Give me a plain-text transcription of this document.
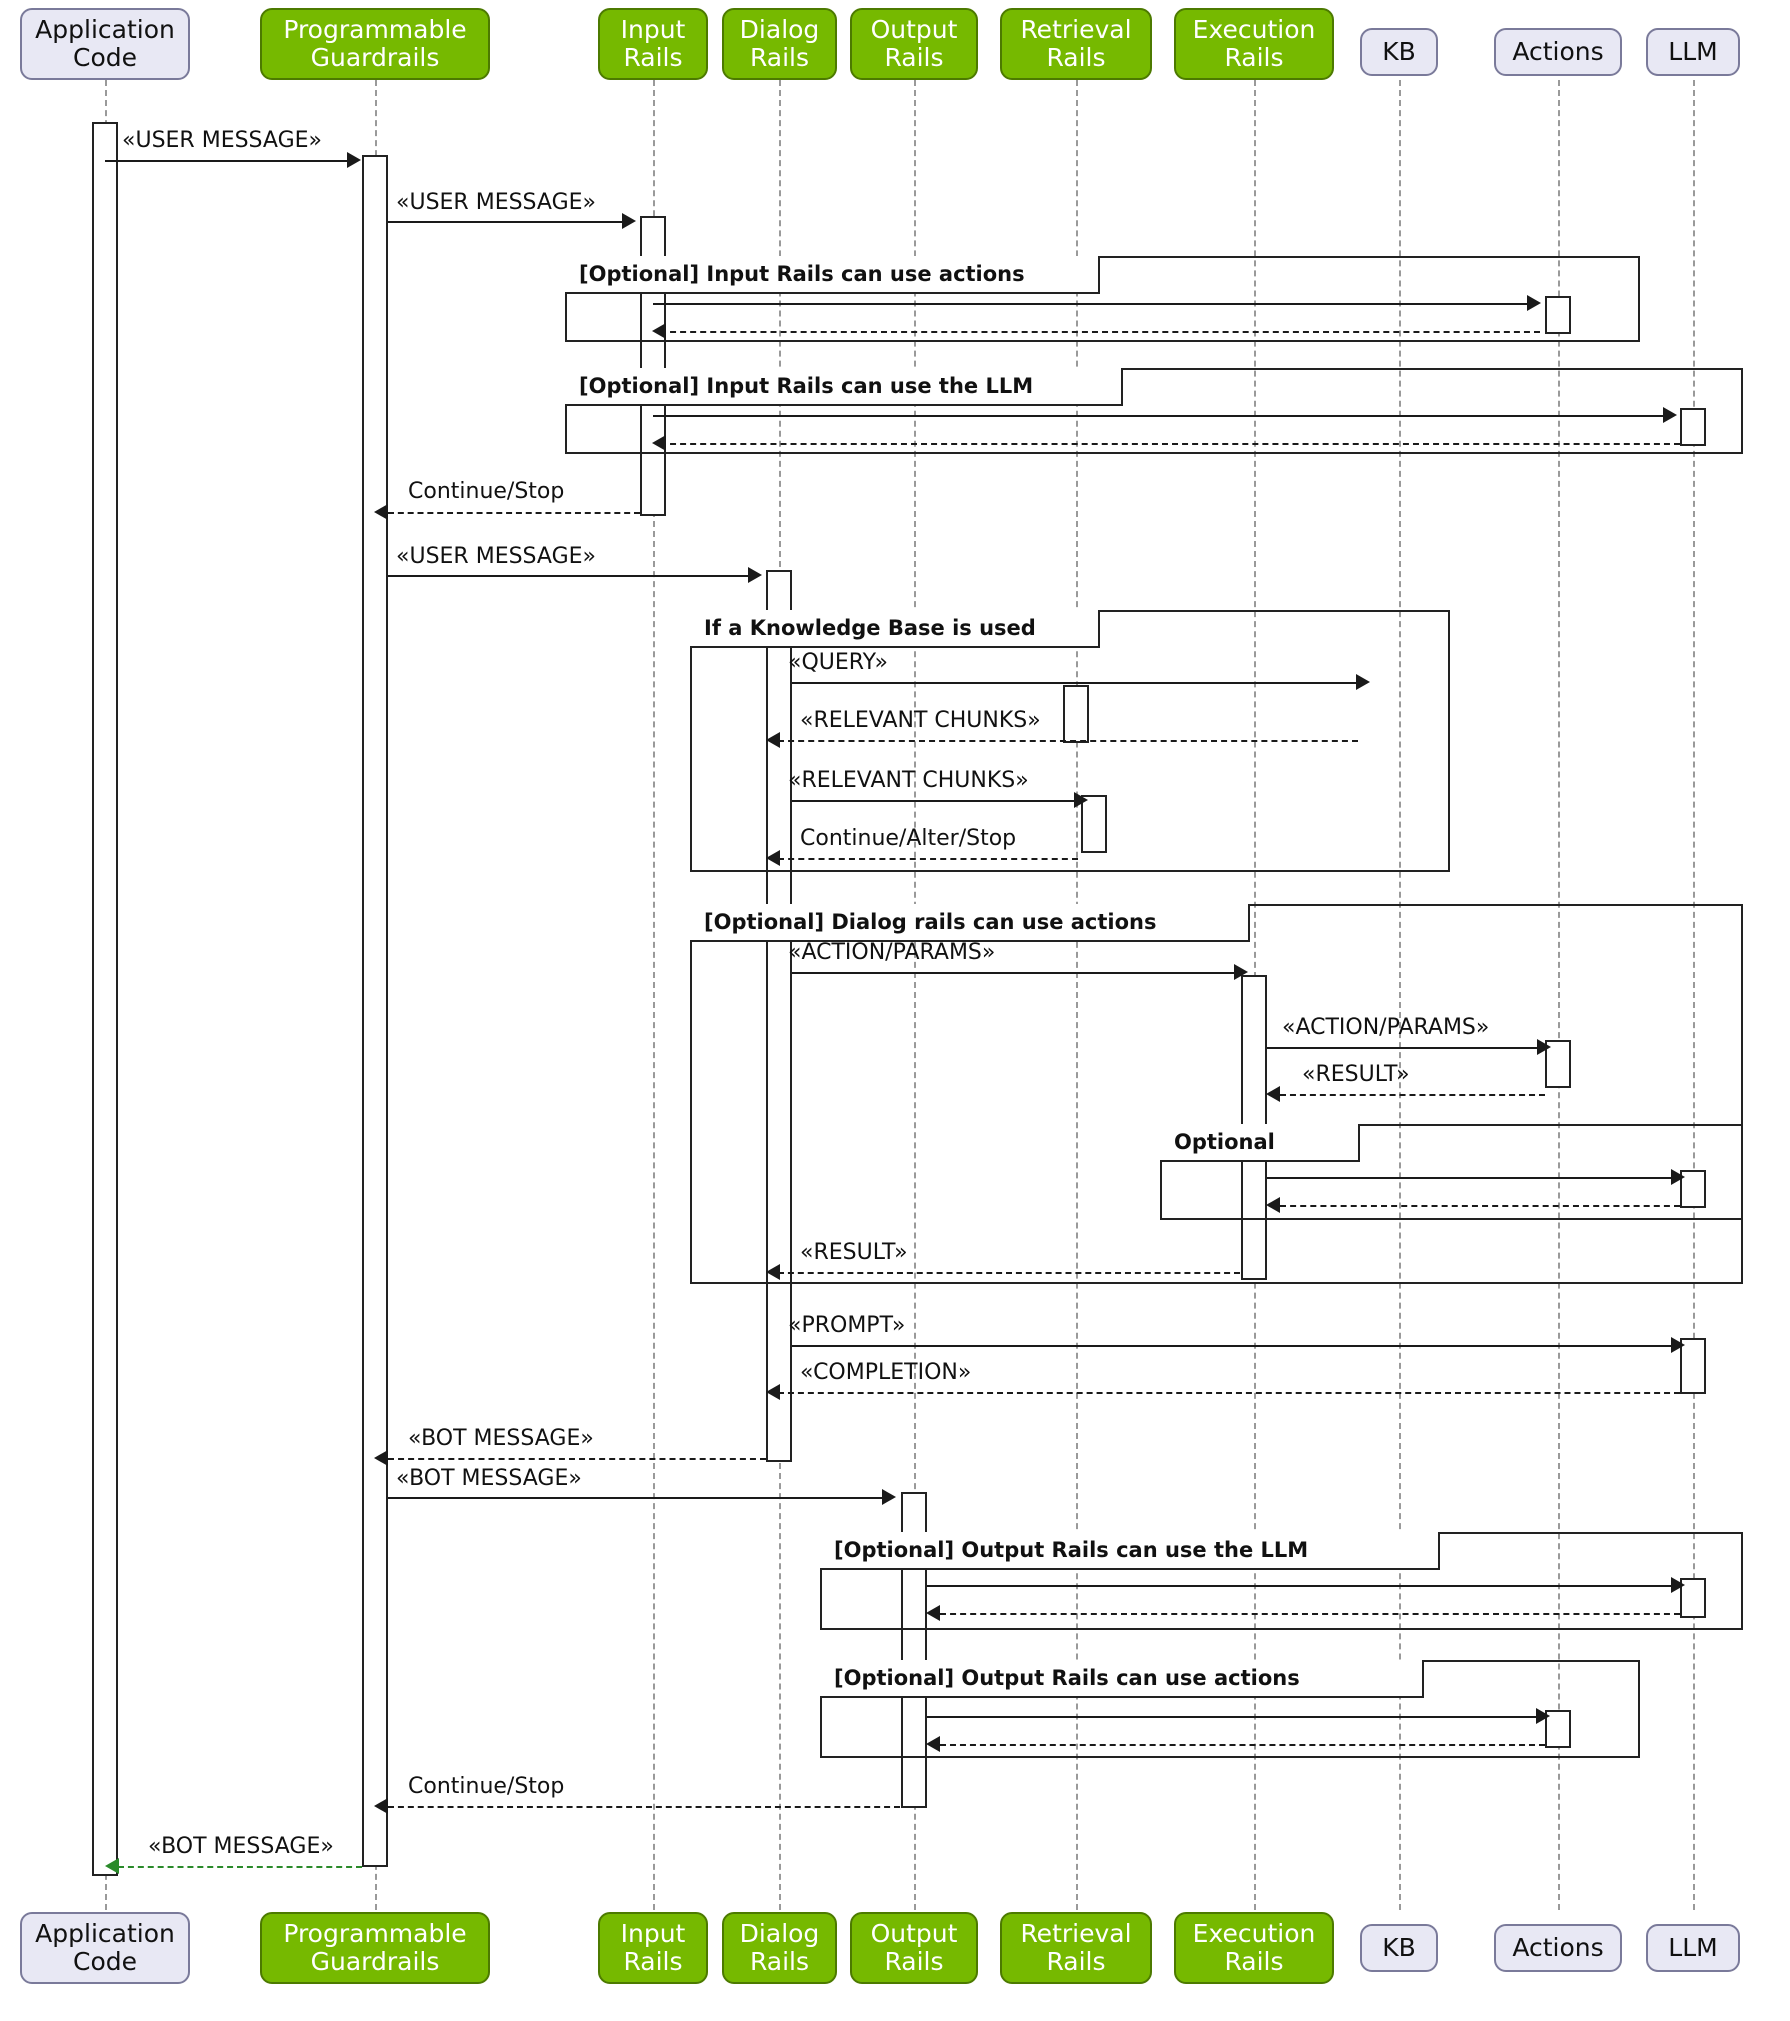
Application
Code
Programmable
Guardrails
Input
Rails
Dialog
Rails
Output
Rails
Retrieval
Rails
Execution
Rails	KB	Actions	LLM
[Optional] Input Rails can use actions
[Optional] Input Rails can use the LLM
If a Knowledge Base is used
[Optional] Dialog rails can use actions
Optional
[Optional] Output Rails can use the LLM
[Optional] Output Rails can use actions
«USER MESSAGE»
«USER MESSAGE»
Continue/Stop
«USER MESSAGE»
«QUERY»
«RELEVANT CHUNKS»
«RELEVANT CHUNKS»
Continue/Alter/Stop
«ACTION/PARAMS»
«ACTION/PARAMS»
«RESULT»
«RESULT»
«PROMPT»
«COMPLETION»
«BOT MESSAGE»
«BOT MESSAGE»
Continue/Stop
«BOT MESSAGE»
Application
Code
Programmable
Guardrails
Input
Rails
Dialog
Rails
Output
Rails
Retrieval
Rails
Execution
Rails	KB	Actions	LLM
